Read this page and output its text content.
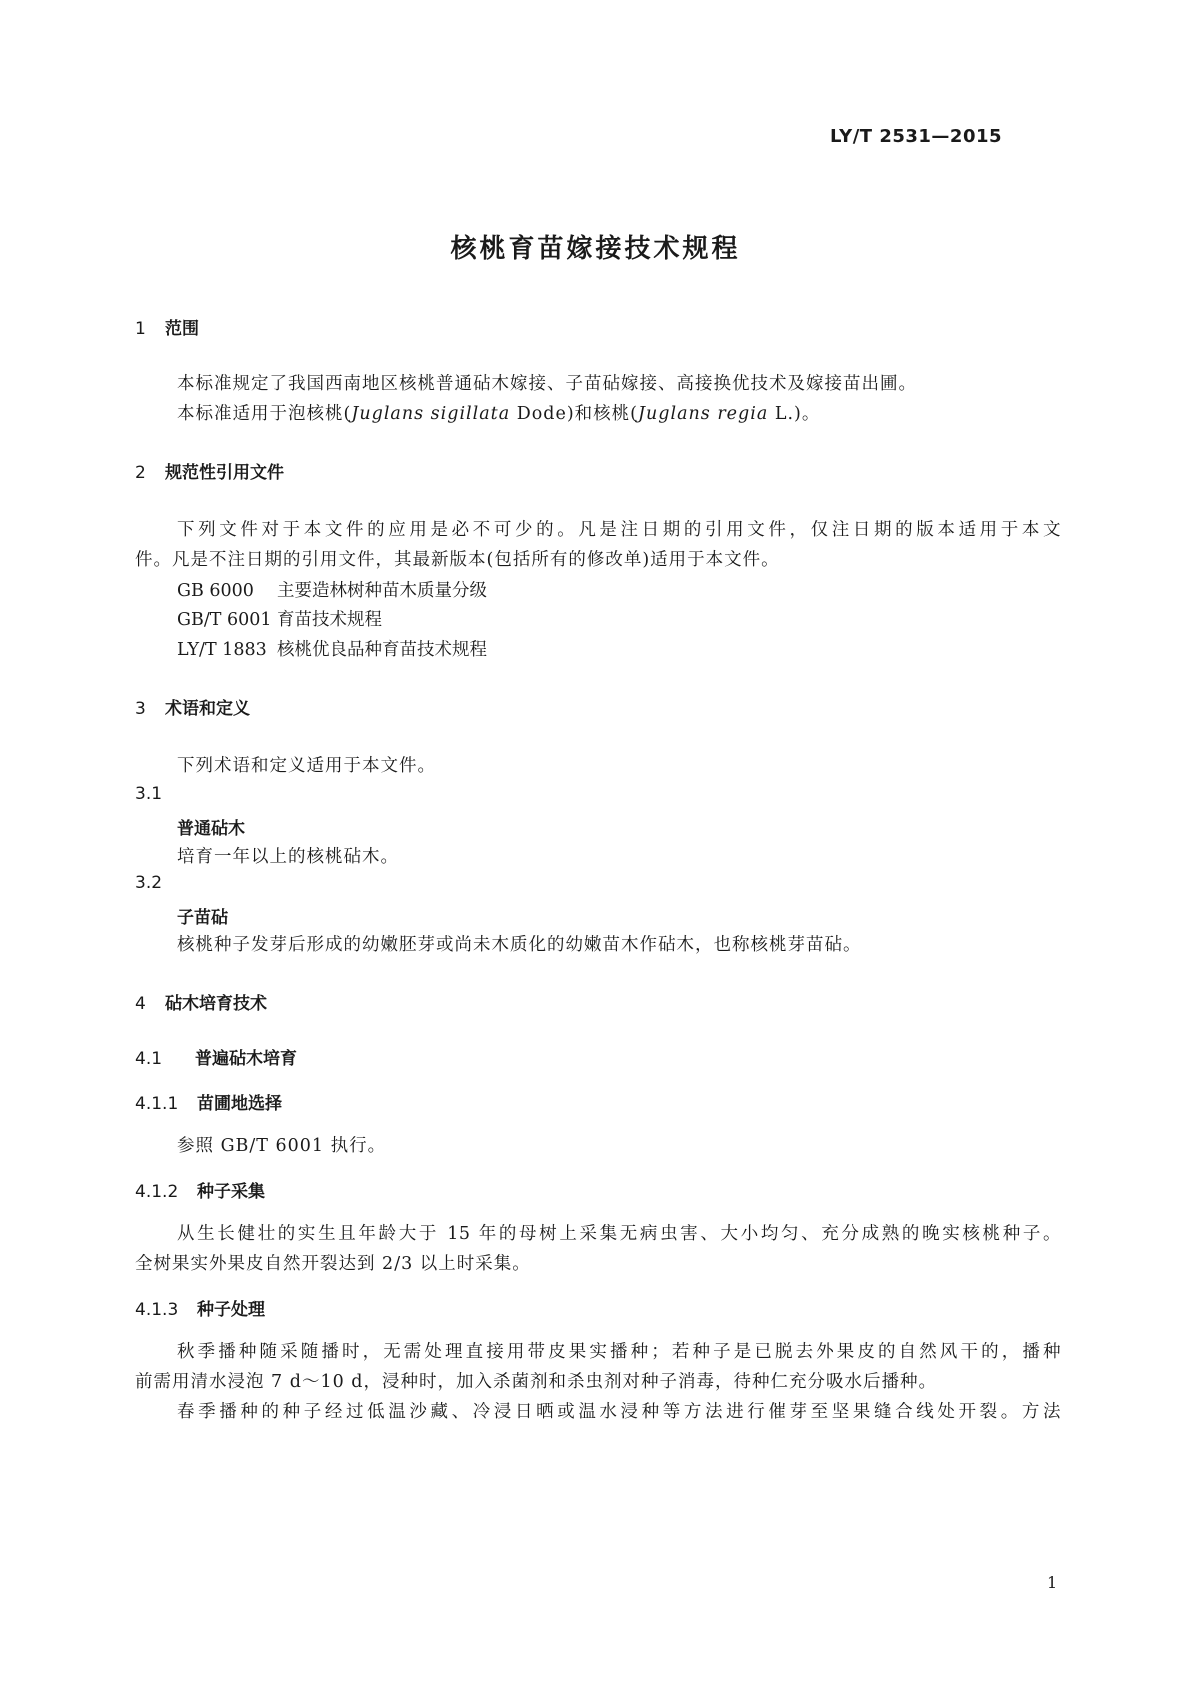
LY/T 2531—2015
核桃育苗嫁接技术规程
1 范围
本标准规定了我国西南地区核桃普通砧木嫁接、子苗砧嫁接、高接换优技术及嫁接苗出圃。
本标准适用于泡核桃(Juglans sigillata Dode)和核桃(Juglans regia L.)。
2 规范性引用文件
下列文件对于本文件的应用是必不可少的。凡是注日期的引用文件，仅注日期的版本适用于本文
件。凡是不注日期的引用文件，其最新版本(包括所有的修改单)适用于本文件。
GB 6000 主要造林树种苗木质量分级
GB/T 6001 育苗技术规程
LY/T 1883 核桃优良品种育苗技术规程
3 术语和定义
下列术语和定义适用于本文件。
3.1
普通砧木
培育一年以上的核桃砧木。
3.2
子苗砧
核桃种子发芽后形成的幼嫩胚芽或尚未木质化的幼嫩苗木作砧木，也称核桃芽苗砧。
4 砧木培育技术
4.1 普遍砧木培育
4.1.1 苗圃地选择
参照 GB/T 6001 执行。
4.1.2 种子采集
从生长健壮的实生且年龄大于 15 年的母树上采集无病虫害、大小均匀、充分成熟的晚实核桃种子。
全树果实外果皮自然开裂达到 2/3 以上时采集。
4.1.3 种子处理
秋季播种随采随播时，无需处理直接用带皮果实播种；若种子是已脱去外果皮的自然风干的，播种
前需用清水浸泡 7 d～10 d，浸种时，加入杀菌剂和杀虫剂对种子消毒，待种仁充分吸水后播种。
春季播种的种子经过低温沙藏、冷浸日晒或温水浸种等方法进行催芽至坚果缝合线处开裂。方法
1
